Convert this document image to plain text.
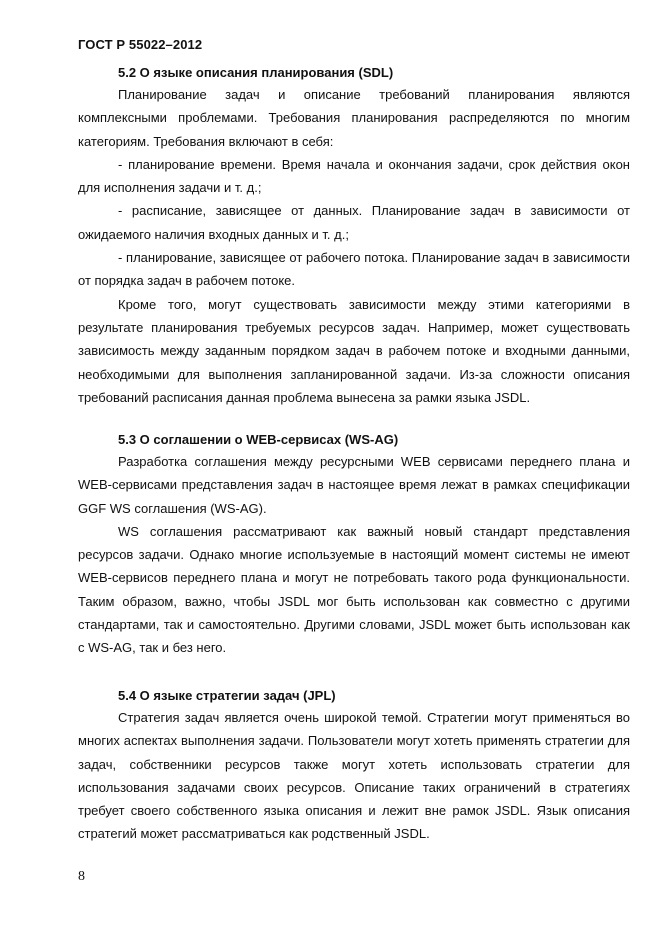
ГОСТ Р 55022–2012
5.2 О языке описания планирования (SDL)

Планирование задач и описание требований планирования являются комплексными проблемами. Требования планирования распределяются по многим категориям. Требования включают в себя:

- планирование времени. Время начала и окончания задачи, срок действия окон для исполнения задачи и т. д.;

- расписание, зависящее от данных. Планирование задач в зависимости от ожидаемого наличия входных данных и т. д.;

- планирование, зависящее от рабочего потока. Планирование задач в зависимости от порядка задач в рабочем потоке.

Кроме того, могут существовать зависимости между этими категориями в результате планирования требуемых ресурсов задач. Например, может существовать зависимость между заданным порядком задач в рабочем потоке и входными данными, необходимыми для выполнения запланированной задачи. Из-за сложности описания требований расписания данная проблема вынесена за рамки языка JSDL.

5.3 О соглашении о WEB-сервисах (WS-AG)

Разработка соглашения между ресурсными WEB сервисами переднего плана и WEB-сервисами представления задач в настоящее время лежат в рамках спецификации GGF WS соглашения (WS-AG).

WS соглашения рассматривают как важный новый стандарт представления ресурсов задачи. Однако многие используемые в настоящий момент системы не имеют WEB-сервисов переднего плана и могут не потребовать такого рода функциональности. Таким образом, важно, чтобы JSDL мог быть использован как совместно с другими стандартами, так и самостоятельно. Другими словами, JSDL может быть использован как с WS-AG, так и без него.

5.4 О языке стратегии задач (JPL)

Стратегия задач является очень широкой темой. Стратегии могут применяться во многих аспектах выполнения задачи. Пользователи могут хотеть применять стратегии для задач, собственники ресурсов также могут хотеть использовать стратегии для использования задачами своих ресурсов. Описание таких ограничений в стратегиях требует своего собственного языка описания и лежит вне рамок JSDL. Язык описания стратегий может рассматриваться как родственный JSDL.

8
